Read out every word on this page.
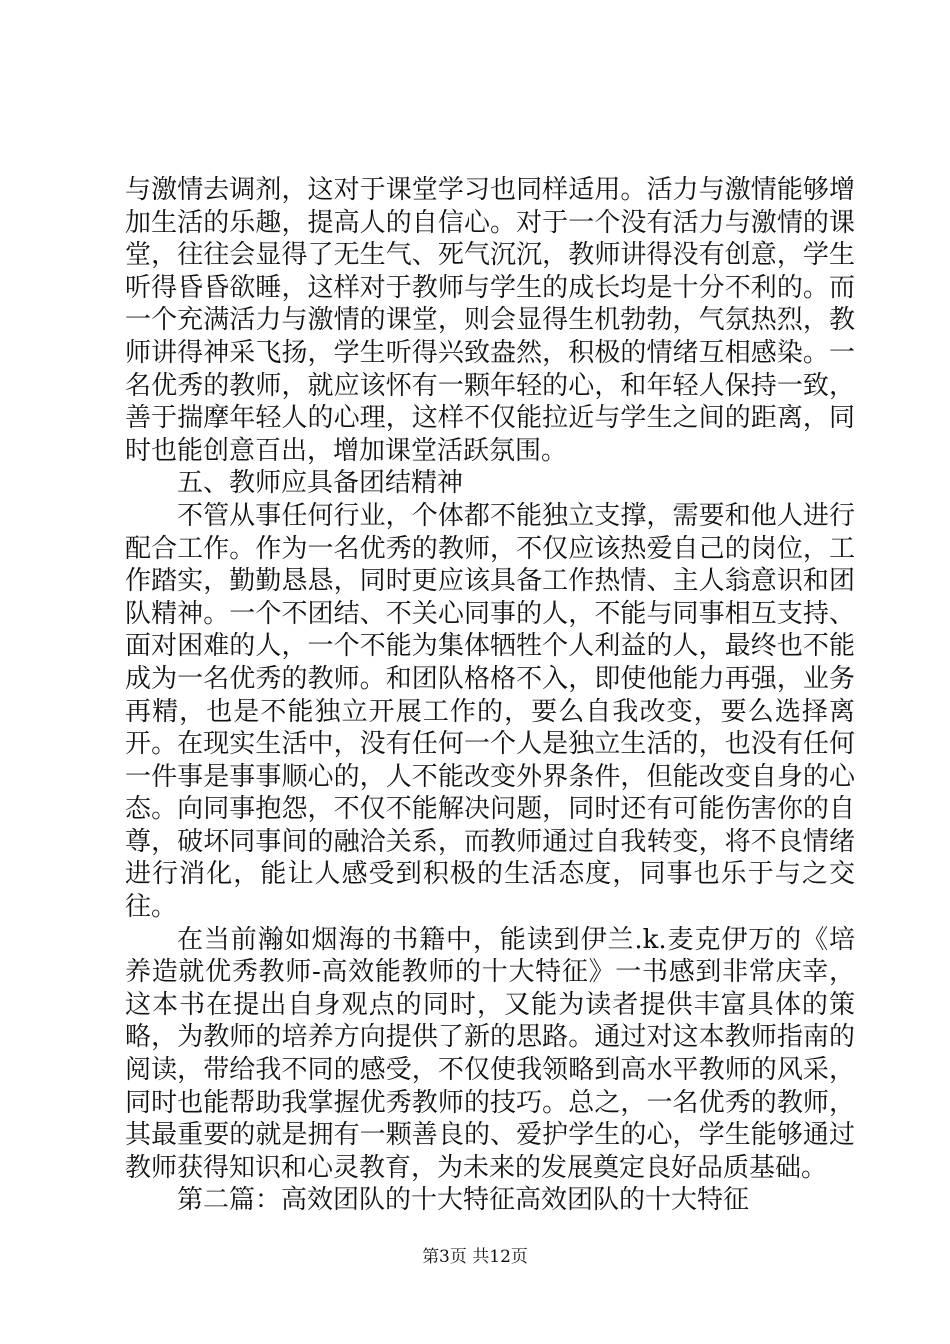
与激情去调剂，这对于课堂学习也同样适用。活力与激情能够增加生活的乐趣，提高人的自信心。对于一个没有活力与激情的课堂，往往会显得了无生气、死气沉沉，教师讲得没有创意，学生听得昏昏欲睡，这样对于教师与学生的成长均是十分不利的。而一个充满活力与激情的课堂，则会显得生机勃勃，气氛热烈，教师讲得神采飞扬，学生听得兴致盎然，积极的情绪互相感染。一名优秀的教师，就应该怀有一颗年轻的心，和年轻人保持一致，善于揣摩年轻人的心理，这样不仅能拉近与学生之间的距离，同时也能创意百出，增加课堂活跃氛围。

五、教师应具备团结精神

不管从事任何行业，个体都不能独立支撑，需要和他人进行配合工作。作为一名优秀的教师，不仅应该热爱自己的岗位，工作踏实，勤勤恳恳，同时更应该具备工作热情、主人翁意识和团队精神。一个不团结、不关心同事的人，不能与同事相互支持、面对困难的人，一个不能为集体牺牲个人利益的人，最终也不能成为一名优秀的教师。和团队格格不入，即使他能力再强，业务再精，也是不能独立开展工作的，要么自我改变，要么选择离开。在现实生活中，没有任何一个人是独立生活的，也没有任何一件事是事事顺心的，人不能改变外界条件，但能改变自身的心态。向同事抱怨，不仅不能解决问题，同时还有可能伤害你的自尊，破坏同事间的融洽关系，而教师通过自我转变，将不良情绪进行消化，能让人感受到积极的生活态度，同事也乐于与之交往。

在当前瀚如烟海的书籍中，能读到伊兰.k.麦克伊万的《培养造就优秀教师-高效能教师的十大特征》一书感到非常庆幸，这本书在提出自身观点的同时，又能为读者提供丰富具体的策略，为教师的培养方向提供了新的思路。通过对这本教师指南的阅读，带给我不同的感受，不仅使我领略到高水平教师的风采，同时也能帮助我掌握优秀教师的技巧。总之，一名优秀的教师，其最重要的就是拥有一颗善良的、爱护学生的心，学生能够通过教师获得知识和心灵教育，为未来的发展奠定良好品质基础。

第二篇：高效团队的十大特征高效团队的十大特征

第3页 共12页
